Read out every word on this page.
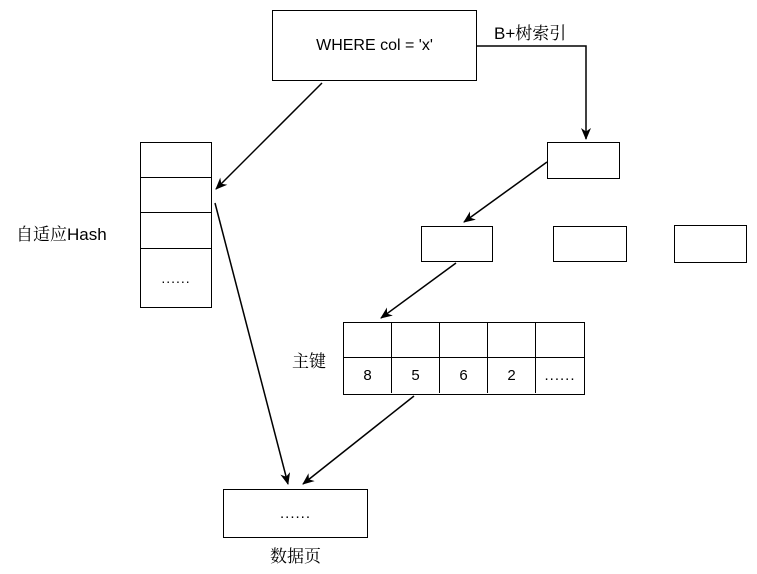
WHERE col = 'x'
B+树索引
自适应Hash
......
主键
8	5	6	2	......
......
数据页
